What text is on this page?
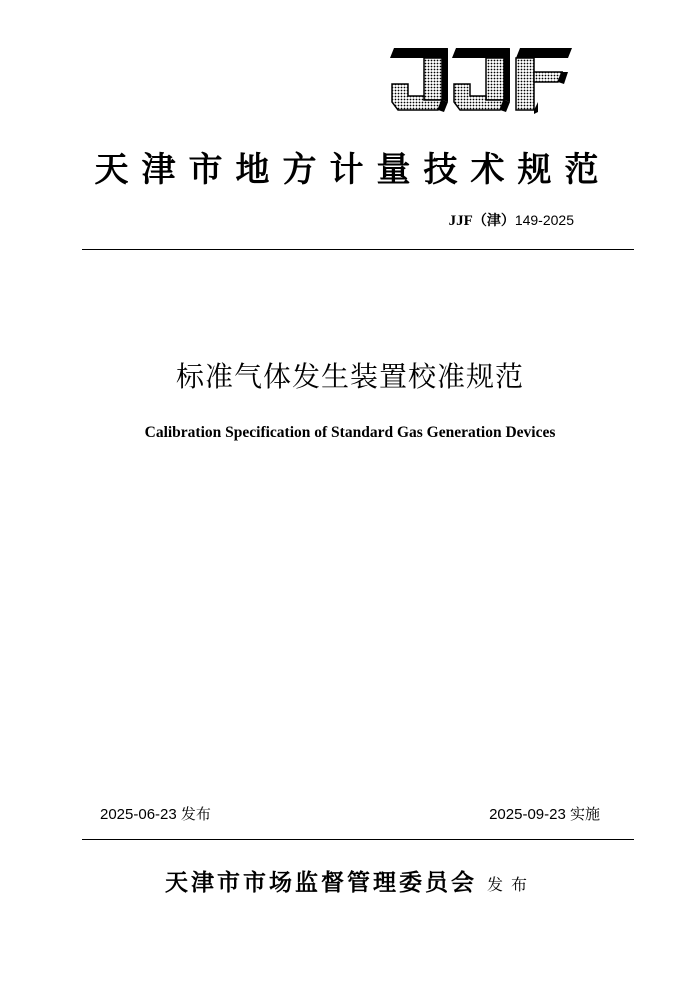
天津市地方计量技术规范
JJF（津）149-2025
标准气体发生装置校准规范
Calibration Specification of Standard Gas Generation Devices
2025-06-23 发布	2025-09-23 实施
天津市市场监督管理委员会 发布
